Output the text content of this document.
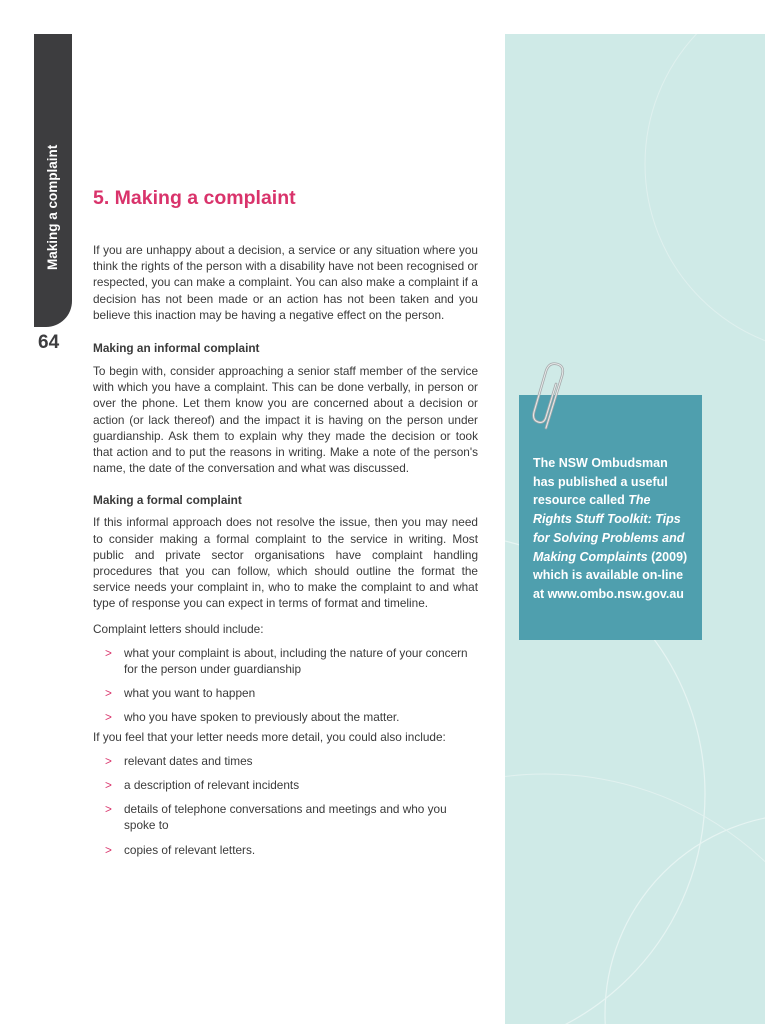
Making a complaint
64
The NSW Ombudsman has published a useful resource called The Rights Stuff Toolkit: Tips for Solving Problems and Making Complaints (2009) which is available on-line at www.ombo.nsw.gov.au
5. Making a complaint

If you are unhappy about a decision, a service or any situation where you think the rights of the person with a disability have not been recognised or respected, you can make a complaint. You can also make a complaint if a decision has not been made or an action has not been taken and you believe this inaction may be having a negative effect on the person.

Making an informal complaint

To begin with, consider approaching a senior staff member of the service with which you have a complaint. This can be done verbally, in person or over the phone. Let them know you are concerned about a decision or action (or lack thereof) and the impact it is having on the person under guardianship. Ask them to explain why they made the decision or took that action and to put the reasons in writing. Make a note of the person's name, the date of the conversation and what was discussed.

Making a formal complaint

If this informal approach does not resolve the issue, then you may need to consider making a formal complaint to the service in writing. Most public and private sector organisations have complaint handling procedures that you can follow, which should outline the format the service needs your complaint in, who to make the complaint to and what type of response you can expect in terms of format and timeline.

Complaint letters should include:

> what your complaint is about, including the nature of your concern for the person under guardianship
> what you want to happen
> who you have spoken to previously about the matter.

If you feel that your letter needs more detail, you could also include:

> relevant dates and times
> a description of relevant incidents
> details of telephone conversations and meetings and who you spoke to
> copies of relevant letters.
